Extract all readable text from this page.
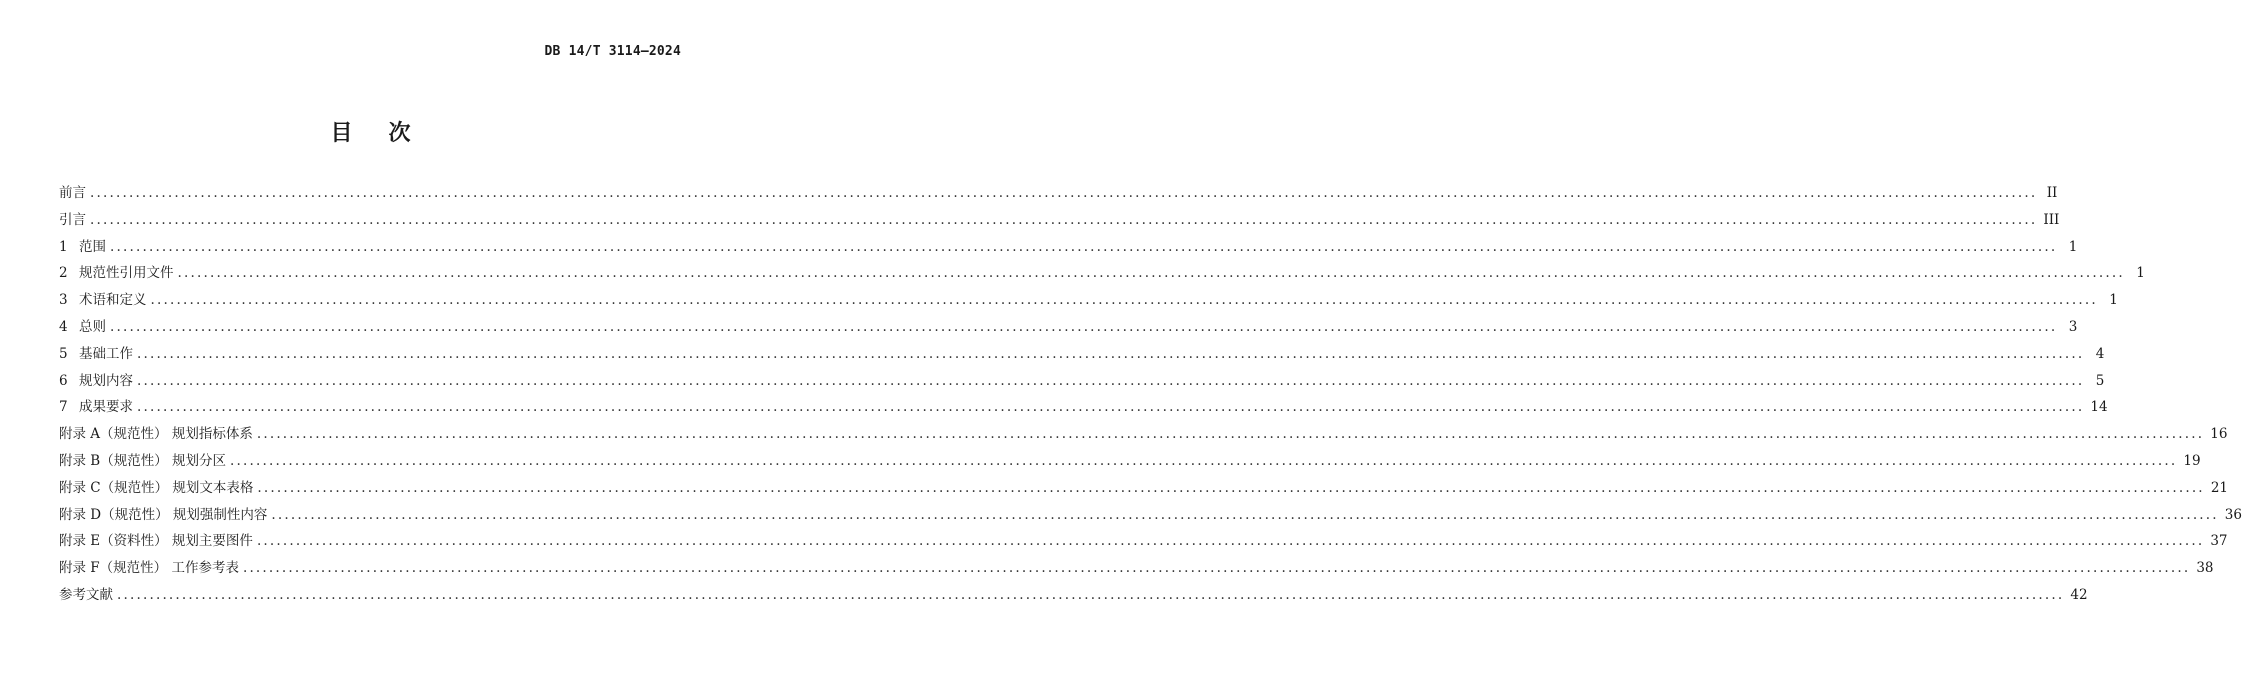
DB 14/T 3114—2024
目次
前言 ............................................................................................................................................................................................................................................................................................................ II
引言 ............................................................................................................................................................................................................................................................................................................ III
1 范围 ............................................................................................................................................................................................................................................................................................................ 1
2 规范性引用文件 ............................................................................................................................................................................................................................................................................................................ 1
3 术语和定义 ............................................................................................................................................................................................................................................................................................................ 1
4 总则 ............................................................................................................................................................................................................................................................................................................ 3
5 基础工作 ............................................................................................................................................................................................................................................................................................................ 4
6 规划内容 ............................................................................................................................................................................................................................................................................................................ 5
7 成果要求 ............................................................................................................................................................................................................................................................................................................ 14
附录 A（规范性） 规划指标体系 ............................................................................................................................................................................................................................................................................................................ 16
附录 B（规范性） 规划分区 ............................................................................................................................................................................................................................................................................................................ 19
附录 C（规范性） 规划文本表格 ............................................................................................................................................................................................................................................................................................................ 21
附录 D（规范性） 规划强制性内容 ............................................................................................................................................................................................................................................................................................................ 36
附录 E（资料性） 规划主要图件 ............................................................................................................................................................................................................................................................................................................ 37
附录 F（规范性） 工作参考表 ............................................................................................................................................................................................................................................................................................................ 38
参考文献 ............................................................................................................................................................................................................................................................................................................ 42
